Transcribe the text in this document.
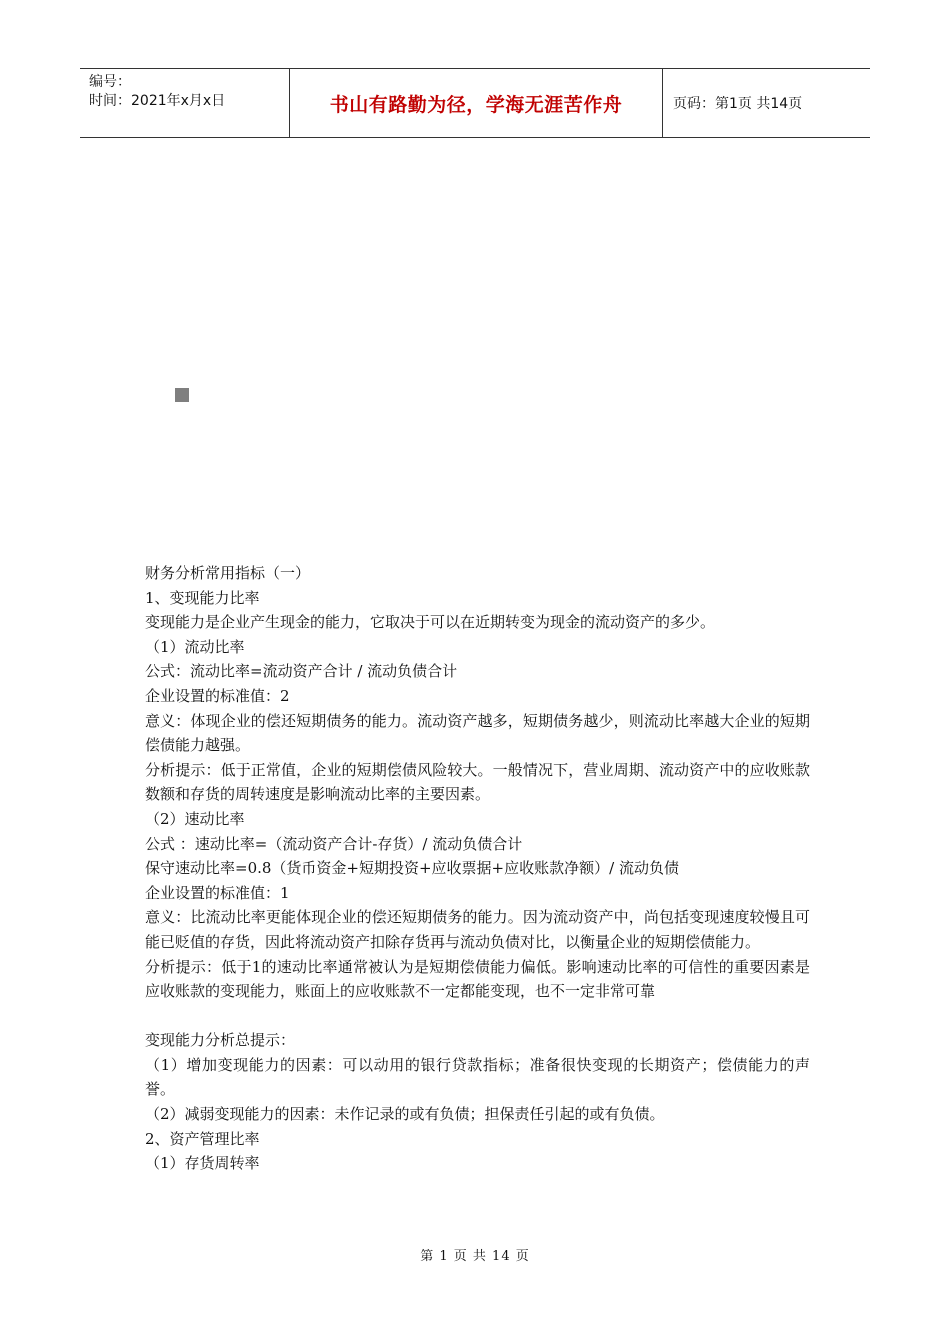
编号：
时间：2021年x月x日	书山有路勤为径，学海无涯苦作舟	页码：第1页 共14页

财务分析常用指标（一）

1、变现能力比率

变现能力是企业产生现金的能力，它取决于可以在近期转变为现金的流动资产的多少。

（1）流动比率

公式：流动比率=流动资产合计 / 流动负债合计

企业设置的标准值：2

意义：体现企业的偿还短期债务的能力。流动资产越多，短期债务越少，则流动比率越大企业的短期偿债能力越强。

分析提示：低于正常值，企业的短期偿债风险较大。一般情况下，营业周期、流动资产中的应收账款数额和存货的周转速度是影响流动比率的主要因素。

（2）速动比率

公式 ：速动比率=（流动资产合计-存货）/ 流动负债合计

保守速动比率=0.8（货币资金+短期投资+应收票据+应收账款净额）/ 流动负债

企业设置的标准值：1

意义：比流动比率更能体现企业的偿还短期债务的能力。因为流动资产中，尚包括变现速度较慢且可能已贬值的存货，因此将流动资产扣除存货再与流动负债对比，以衡量企业的短期偿债能力。

分析提示：低于1的速动比率通常被认为是短期偿债能力偏低。影响速动比率的可信性的重要因素是应收账款的变现能力，账面上的应收账款不一定都能变现，也不一定非常可靠

变现能力分析总提示：

（1）增加变现能力的因素：可以动用的银行贷款指标；准备很快变现的长期资产；偿债能力的声誉。

（2）减弱变现能力的因素：未作记录的或有负债；担保责任引起的或有负债。

2、资产管理比率

（1）存货周转率

第 1 页 共 14 页
